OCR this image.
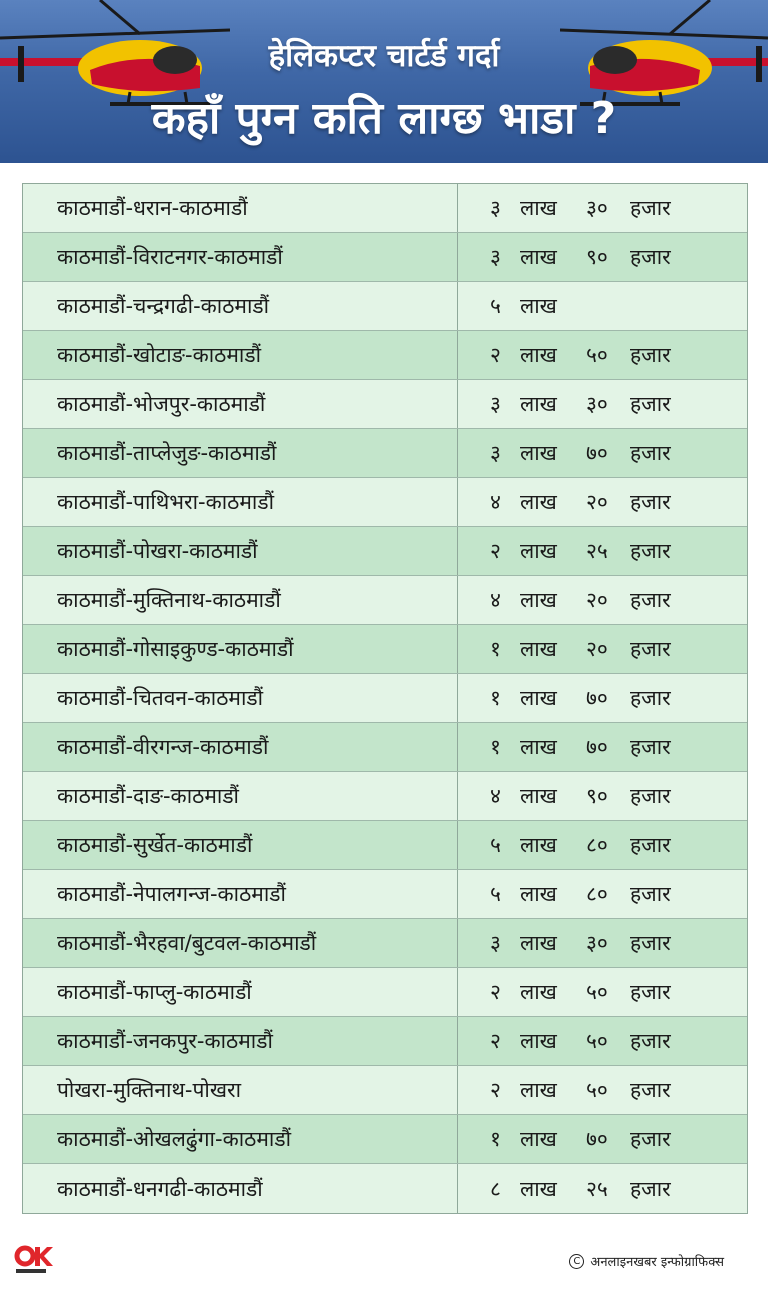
हेलिकप्टर चार्टर्ड गर्दा
कहाँ पुग्न कति लाग्छ भाडा ?
काठमाडौं-धरान-काठमाडौं	३ लाख	३०	हजार
काठमाडौं-विराटनगर-काठमाडौं	३ लाख	९०	हजार
काठमाडौं-चन्द्रगढी-काठमाडौं	५ लाख
काठमाडौं-खोटाङ-काठमाडौं	२ लाख	५०	हजार
काठमाडौं-भोजपुर-काठमाडौं	३ लाख	३०	हजार
काठमाडौं-ताप्लेजुङ-काठमाडौं	३ लाख	७०	हजार
काठमाडौं-पाथिभरा-काठमाडौं	४ लाख	२०	हजार
काठमाडौं-पोखरा-काठमाडौं	२ लाख	२५	हजार
काठमाडौं-मुक्तिनाथ-काठमाडौं	४ लाख	२०	हजार
काठमाडौं-गोसाइकुण्ड-काठमाडौं	१ लाख	२०	हजार
काठमाडौं-चितवन-काठमाडौं	१ लाख	७०	हजार
काठमाडौं-वीरगन्ज-काठमाडौं	१ लाख	७०	हजार
काठमाडौं-दाङ-काठमाडौं	४ लाख	९०	हजार
काठमाडौं-सुर्खेत-काठमाडौं	५ लाख	८०	हजार
काठमाडौं-नेपालगन्ज-काठमाडौं	५ लाख	८०	हजार
काठमाडौं-भैरहवा/बुटवल-काठमाडौं	३ लाख	३०	हजार
काठमाडौं-फाप्लु-काठमाडौं	२ लाख	५०	हजार
काठमाडौं-जनकपुर-काठमाडौं	२ लाख	५०	हजार
पोखरा-मुक्तिनाथ-पोखरा	२ लाख	५०	हजार
काठमाडौं-ओखलढुंगा-काठमाडौं	१ लाख	७०	हजार
काठमाडौं-धनगढी-काठमाडौं	८ लाख	२५	हजार
C अनलाइनखबर इन्फोग्राफिक्स
